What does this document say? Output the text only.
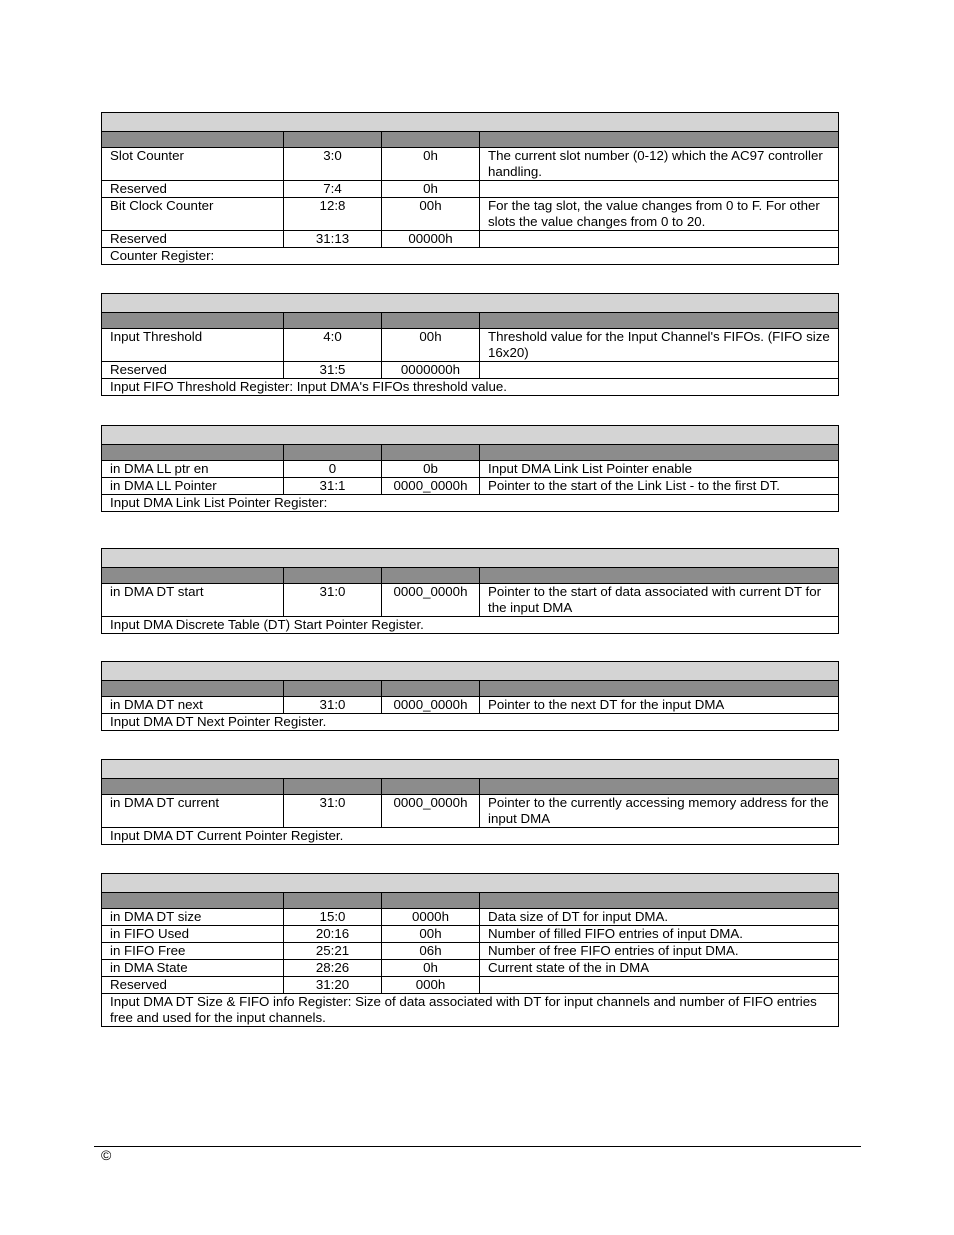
Slot Counter	3:0	0h	The current slot number (0-12) which the AC97 controller handling.
Reserved	7:4	0h	
Bit Clock Counter	12:8	00h	For the tag slot, the value changes from 0 to F. For other slots the value changes from 0 to 20.
Reserved	31:13	00000h	
Counter Register:			

Input Threshold	4:0	00h	Threshold value for the Input Channel's FIFOs. (FIFO size 16x20)
Reserved	31:5	0000000h	
Input FIFO Threshold Register: Input DMA's FIFOs threshold value.			

in DMA LL ptr en	0	0b	Input DMA Link List Pointer enable
in DMA LL Pointer	31:1	0000_0000h	Pointer to the start of the Link List - to the first DT.
Input DMA Link List Pointer Register:			

in DMA DT start	31:0	0000_0000h	Pointer to the start of data associated with current DT for the input DMA
Input DMA Discrete Table (DT) Start Pointer Register.			

in DMA DT next	31:0	0000_0000h	Pointer to the next DT for the input DMA
Input DMA DT Next Pointer Register.			

in DMA DT current	31:0	0000_0000h	Pointer to the currently accessing memory address for the input DMA
Input DMA DT Current Pointer Register.			

in DMA DT size	15:0	0000h	Data size of DT for input DMA.
in FIFO Used	20:16	00h	Number of filled FIFO entries of input DMA.
in FIFO Free	25:21	06h	Number of free FIFO entries of input DMA.
in DMA State	28:26	0h	Current state of the in DMA
Reserved	31:20	000h	
Input DMA DT Size & FIFO info Register: Size of data associated with DT for input channels and number of FIFO entries free and used for the input channels.			
©
